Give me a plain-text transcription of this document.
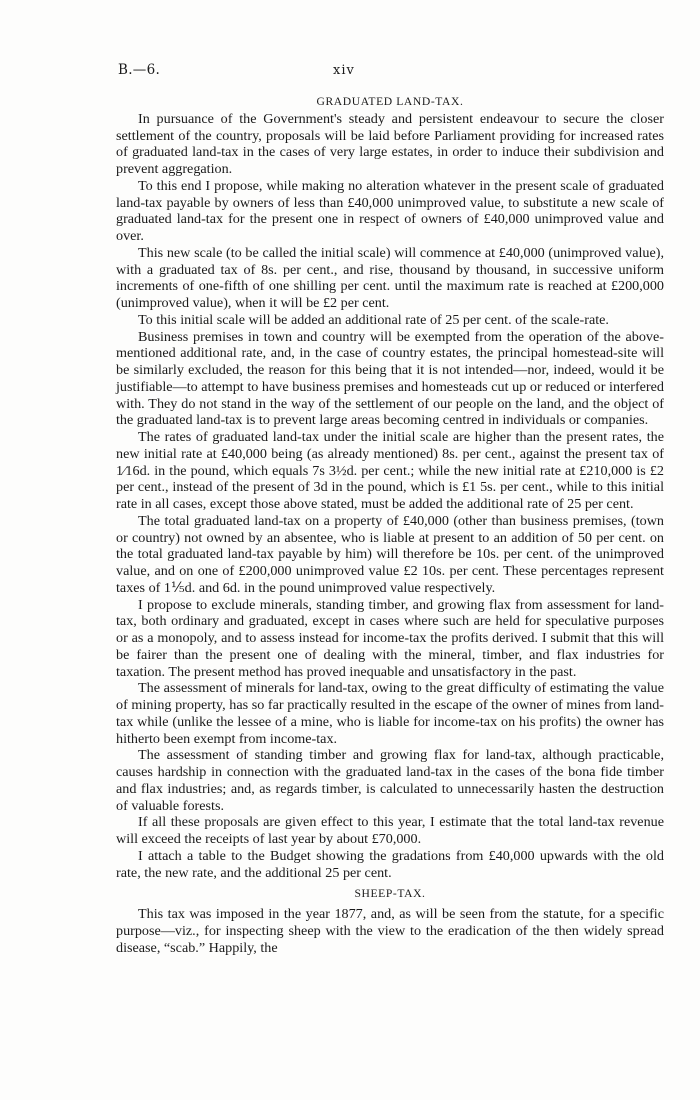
B.—6.	xiv
GRADUATED LAND-TAX.

In pursuance of the Government's steady and persistent endeavour to secure the closer settlement of the country, proposals will be laid before Parliament providing for increased rates of graduated land-tax in the cases of very large estates, in order to induce their subdivision and prevent aggregation.

To this end I propose, while making no alteration whatever in the present scale of graduated land-tax payable by owners of less than £40,000 unimproved value, to substitute a new scale of graduated land-tax for the present one in respect of owners of £40,000 unimproved value and over.

This new scale (to be called the initial scale) will commence at £40,000 (unimproved value), with a graduated tax of 8s. per cent., and rise, thousand by thousand, in successive uniform increments of one-fifth of one shilling per cent. until the maximum rate is reached at £200,000 (unimproved value), when it will be £2 per cent.

To this initial scale will be added an additional rate of 25 per cent. of the scale-rate.

Business premises in town and country will be exempted from the operation of the above-mentioned additional rate, and, in the case of country estates, the principal homestead-site will be similarly excluded, the reason for this being that it is not intended—nor, indeed, would it be justifiable—to attempt to have business premises and homesteads cut up or reduced or interfered with. They do not stand in the way of the settlement of our people on the land, and the object of the graduated land-tax is to prevent large areas becoming centred in individuals or companies.

The rates of graduated land-tax under the initial scale are higher than the present rates, the new initial rate at £40,000 being (as already mentioned) 8s. per cent., against the present tax of 1⁄16d. in the pound, which equals 7s 3½d. per cent.; while the new initial rate at £210,000 is £2 per cent., instead of the present of 3d in the pound, which is £1 5s. per cent., while to this initial rate in all cases, except those above stated, must be added the additional rate of 25 per cent.

The total graduated land-tax on a property of £40,000 (other than business premises, (town or country) not owned by an absentee, who is liable at present to an addition of 50 per cent. on the total graduated land-tax payable by him) will therefore be 10s. per cent. of the unimproved value, and on one of £200,000 unimproved value £2 10s. per cent. These percentages represent taxes of 1⅕d. and 6d. in the pound unimproved value respectively.

I propose to exclude minerals, standing timber, and growing flax from assessment for land-tax, both ordinary and graduated, except in cases where such are held for speculative purposes or as a monopoly, and to assess instead for income-tax the profits derived. I submit that this will be fairer than the present one of dealing with the mineral, timber, and flax industries for taxation. The present method has proved inequable and unsatisfactory in the past.

The assessment of minerals for land-tax, owing to the great difficulty of estimating the value of mining property, has so far practically resulted in the escape of the owner of mines from land-tax while (unlike the lessee of a mine, who is liable for income-tax on his profits) the owner has hitherto been exempt from income-tax.

The assessment of standing timber and growing flax for land-tax, although practicable, causes hardship in connection with the graduated land-tax in the cases of the bona fide timber and flax industries; and, as regards timber, is calculated to unnecessarily hasten the destruction of valuable forests.

If all these proposals are given effect to this year, I estimate that the total land-tax revenue will exceed the receipts of last year by about £70,000.

I attach a table to the Budget showing the gradations from £40,000 upwards with the old rate, the new rate, and the additional 25 per cent.

SHEEP-TAX.

This tax was imposed in the year 1877, and, as will be seen from the statute, for a specific purpose—viz., for inspecting sheep with the view to the eradication of the then widely spread disease, “scab.” Happily, the
